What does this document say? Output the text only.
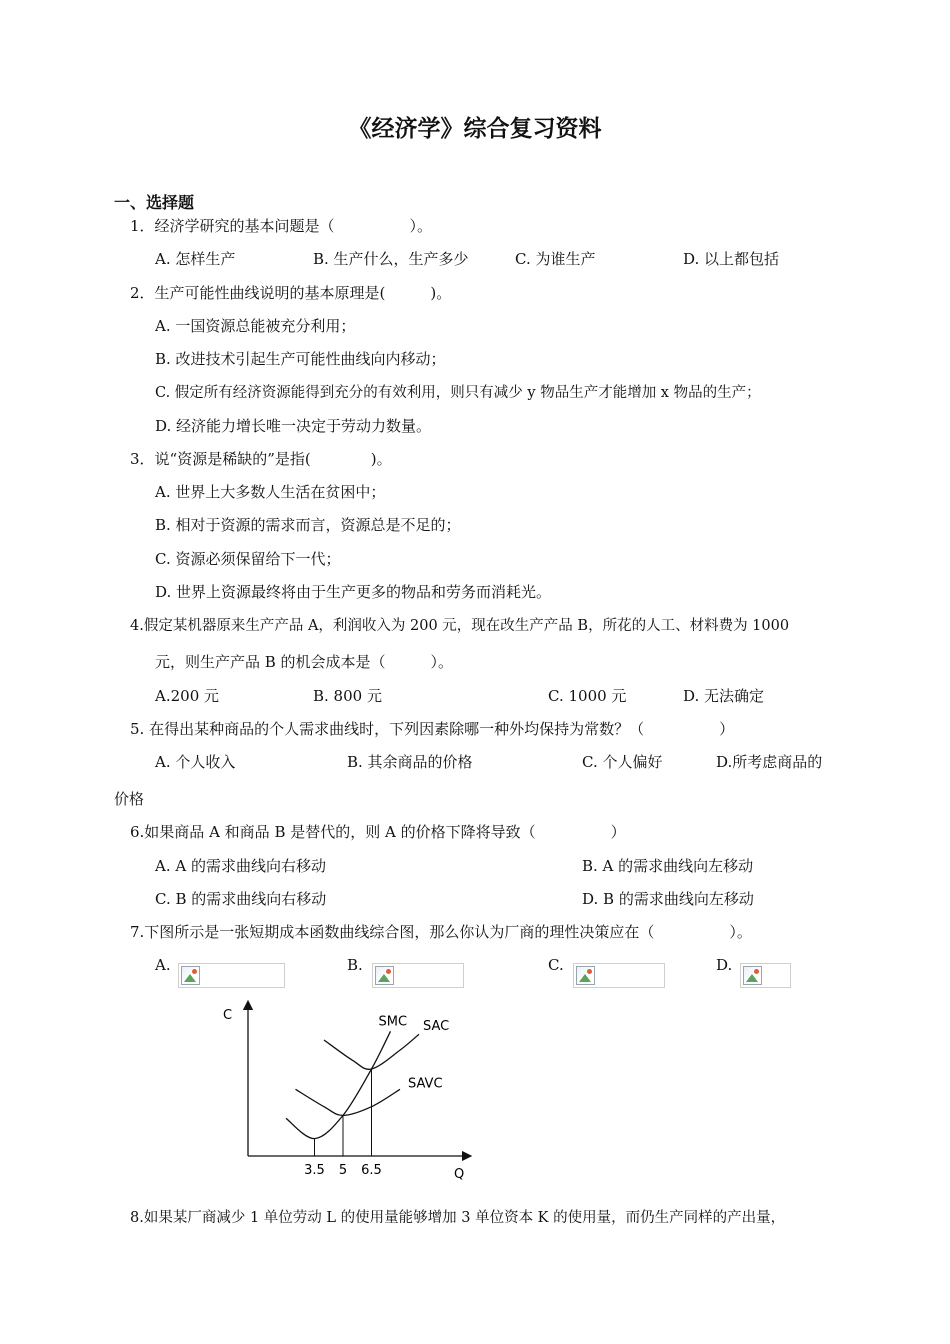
《经济学》综合复习资料
一、选择题
1．经济学研究的基本问题是（　　　　　）。
A. 怎样生产	B. 生产什么，生产多少	C. 为谁生产	D. 以上都包括
2．生产可能性曲线说明的基本原理是(　　　)。
A. 一国资源总能被充分利用；
B. 改进技术引起生产可能性曲线向内移动；
C. 假定所有经济资源能得到充分的有效利用，则只有减少 y 物品生产才能增加 x 物品的生产；
D. 经济能力增长唯一决定于劳动力数量。
3．说“资源是稀缺的”是指(　　　　)。
A. 世界上大多数人生活在贫困中；
B. 相对于资源的需求而言，资源总是不足的；
C. 资源必须保留给下一代；
D. 世界上资源最终将由于生产更多的物品和劳务而消耗光。
4.假定某机器原来生产产品 A，利润收入为 200 元，现在改生产产品 B，所花的人工、材料费为 1000
元，则生产产品 B 的机会成本是（　　　）。
A.200 元	B. 800 元	C. 1000 元	D. 无法确定
5. 在得出某种商品的个人需求曲线时，下列因素除哪一种外均保持为常数？（　　　　　）
A. 个人收入	B. 其余商品的价格	C. 个人偏好	D.所考虑商品的
价格
6.如果商品 A 和商品 B 是替代的，则 A 的价格下降将导致（　　　　　）
A. A 的需求曲线向右移动	B. A 的需求曲线向左移动
C. B 的需求曲线向右移动	D. B 的需求曲线向左移动
7.下图所示是一张短期成本函数曲线综合图，那么你认为厂商的理性决策应在（　　　　　）。
A.	B.	C.	D.
C
Q
SMC SAC
SAVC
3.5 5 6.5
8.如果某厂商减少 1 单位劳动 L 的使用量能够增加 3 单位资本 K 的使用量，而仍生产同样的产出量，
